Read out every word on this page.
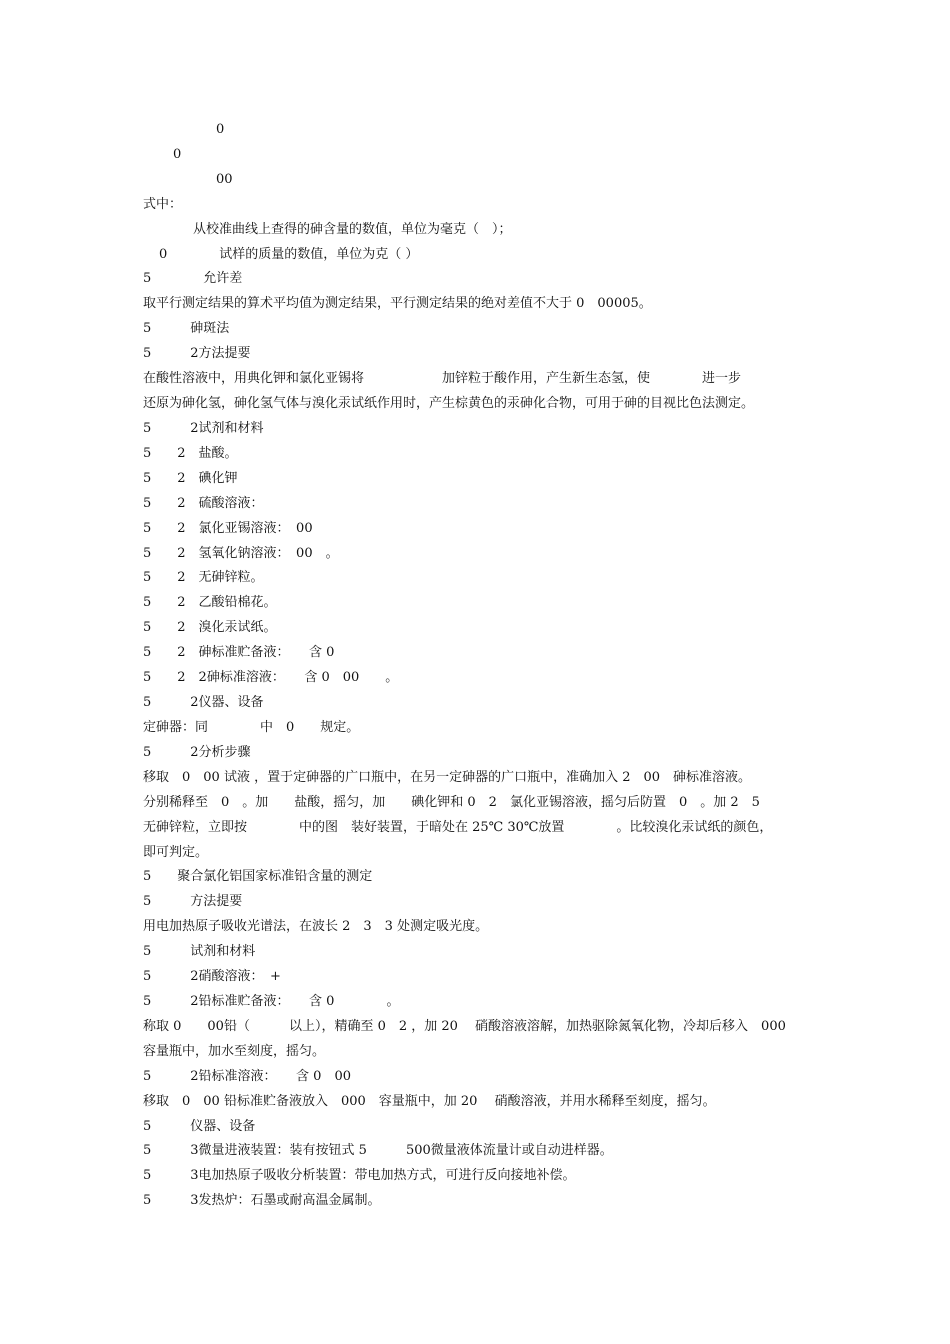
0
0
00
式中：
从校准曲线上查得的砷含量的数值，单位为毫克（　）；
0　　　　试样的质量的数值，单位为克（ ）
5　　　　允许差
取平行测定结果的算术平均值为测定结果，平行测定结果的绝对差值不大于 0　00005。
5　　　砷斑法
5　　　2方法提要
在酸性溶液中，用典化钾和氯化亚锡将　　　　　　加锌粒于酸作用，产生新生态氢，使　　　　进一步
还原为砷化氢，砷化氢气体与溴化汞试纸作用时，产生棕黄色的汞砷化合物，可用于砷的目视比色法测定。
5　　　2试剂和材料
5　　2　盐酸。
5　　2　碘化钾
5　　2　硫酸溶液：
5　　2　氯化亚锡溶液：　00
5　　2　氢氧化钠溶液：　00　。
5　　2　无砷锌粒。
5　　2　乙酸铅棉花。
5　　2　溴化汞试纸。
5　　2　砷标准贮备液：　　含 0
5　　2　2砷标准溶液：　　含 0　00　　。
5　　　2仪器、设备
定砷器：同　　　　中　0　　规定。
5　　　2分析步骤
移取　0　00 试液 ，置于定砷器的广口瓶中，在另一定砷器的广口瓶中，准确加入 2　00　砷标准溶液。
分别稀释至　0　。加　　盐酸，摇匀，加　　碘化钾和 0　2　氯化亚锡溶液，摇匀后防置　0　。加 2　5
无砷锌粒，立即按　　　　中的图　装好装置，于暗处在 25℃ 30℃放置　　　　。比较溴化汞试纸的颜色，
即可判定。
5　　聚合氯化铝国家标准铅含量的测定
5　　　方法提要
用电加热原子吸收光谱法，在波长 2　3　3 处测定吸光度。
5　　　试剂和材料
5　　　2硝酸溶液：　+
5　　　2铅标准贮备液：　　含 0　　　　。
称取 0　　00铅（　　　以上），精确至 0　2 ，加 20　 硝酸溶液溶解，加热驱除氮氧化物，冷却后移入　000
容量瓶中，加水至刻度，摇匀。
5　　　2铅标准溶液：　　含 0　00
移取　0　00 铅标准贮备液放入　000　容量瓶中，加 20　 硝酸溶液，并用水稀释至刻度，摇匀。
5　　　仪器、设备
5　　　3微量进液装置：装有按钮式 5　　　500微量液体流量计或自动进样器。
5　　　3电加热原子吸收分析装置：带电加热方式，可进行反向接地补偿。
5　　　3发热炉：石墨或耐高温金属制。
